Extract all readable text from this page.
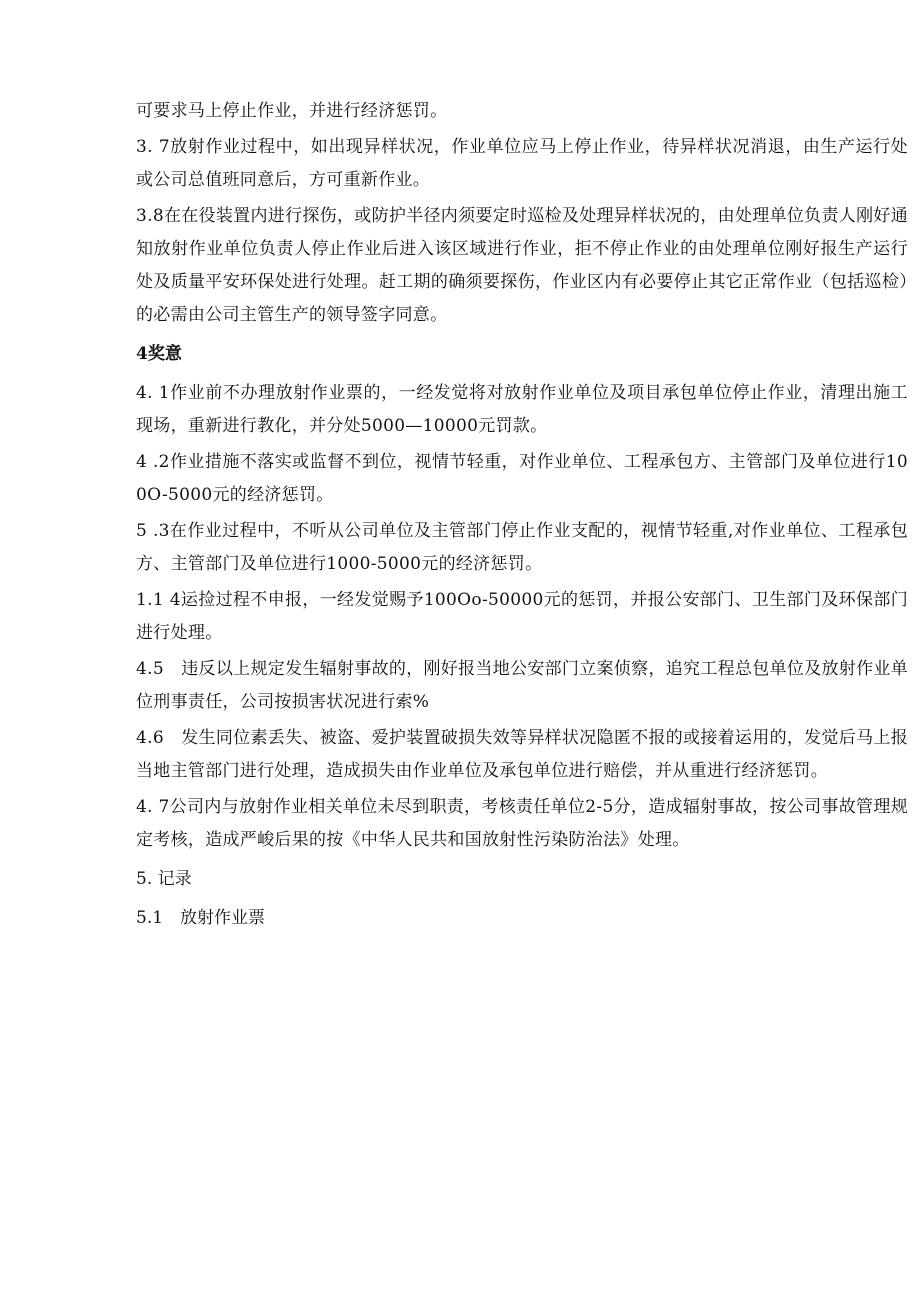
可要求马上停止作业，并进行经济惩罚。

3. 7放射作业过程中，如出现异样状况，作业单位应马上停止作业，待异样状况消退，由生产运行处或公司总值班同意后，方可重新作业。

3.8在在役装置内进行探伤，或防护半径内须要定时巡检及处理异样状况的，由处理单位负责人刚好通知放射作业单位负责人停止作业后进入该区域进行作业，拒不停止作业的由处理单位刚好报生产运行处及质量平安环保处进行处理。赶工期的确须要探伤，作业区内有必要停止其它正常作业（包括巡检）的必需由公司主管生产的领导签字同意。

4奖意

4. 1作业前不办理放射作业票的，一经发觉将对放射作业单位及项目承包单位停止作业，清理出施工现场，重新进行教化，并分处5000—10000元罚款。

4 .2作业措施不落实或监督不到位，视情节轻重，对作业单位、工程承包方、主管部门及单位进行100O-5000元的经济惩罚。

5 .3在作业过程中，不听从公司单位及主管部门停止作业支配的，视情节轻重,对作业单位、工程承包方、主管部门及单位进行1000-5000元的经济惩罚。

1.1 4运捡过程不申报，一经发觉赐予100Oo-50000元的惩罚，并报公安部门、卫生部门及环保部门进行处理。

4.5　违反以上规定发生辐射事故的，刚好报当地公安部门立案侦察，追究工程总包单位及放射作业单位刑事责任，公司按损害状况进行索%

4.6　发生同位素丢失、被盗、爱护装置破损失效等异样状况隐匿不报的或接着运用的，发觉后马上报当地主管部门进行处理，造成损失由作业单位及承包单位进行赔偿，并从重进行经济惩罚。

4. 7公司内与放射作业相关单位未尽到职责，考核责任单位2-5分，造成辐射事故，按公司事故管理规定考核，造成严峻后果的按《中华人民共和国放射性污染防治法》处理。

5. 记录

5.1　放射作业票
